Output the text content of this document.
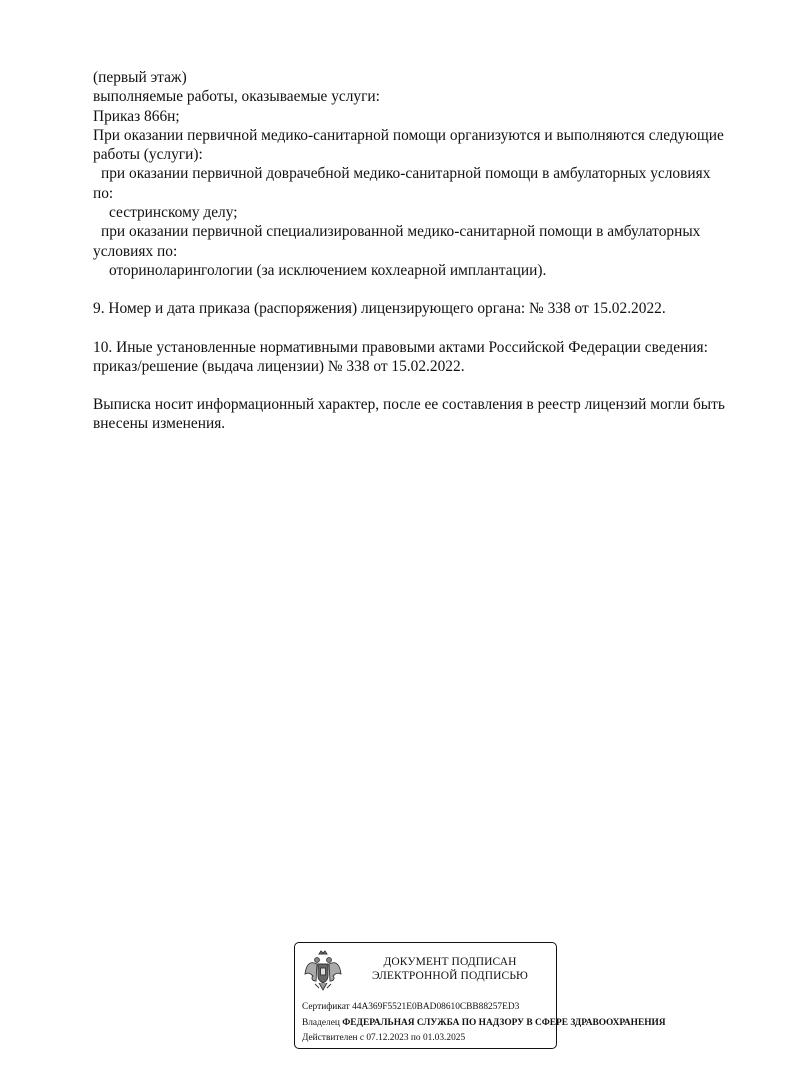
(первый этаж)
выполняемые работы, оказываемые услуги:
Приказ 866н;
При оказании первичной медико-санитарной помощи организуются и выполняются следующие
работы (услуги):
при оказании первичной доврачебной медико-санитарной помощи в амбулаторных условиях
по:
сестринскому делу;
при оказании первичной специализированной медико-санитарной помощи в амбулаторных
условиях по:
оториноларингологии (за исключением кохлеарной имплантации).
9. Номер и дата приказа (распоряжения) лицензирующего органа: № 338 от 15.02.2022.
10. Иные установленные нормативными правовыми актами Российской Федерации сведения:
приказ/решение (выдача лицензии) № 338 от 15.02.2022.
Выписка носит информационный характер, после ее составления в реестр лицензий могли быть
внесены изменения.
ДОКУМЕНТ ПОДПИСАН
ЭЛЕКТРОННОЙ ПОДПИСЬЮ
Сертификат 44A369F5521E0BAD08610CBB88257ED3
Владелец ФЕДЕРАЛЬНАЯ СЛУЖБА ПО НАДЗОРУ В СФЕРЕ ЗДРАВООХРАНЕНИЯ
Действителен с 07.12.2023 по 01.03.2025
